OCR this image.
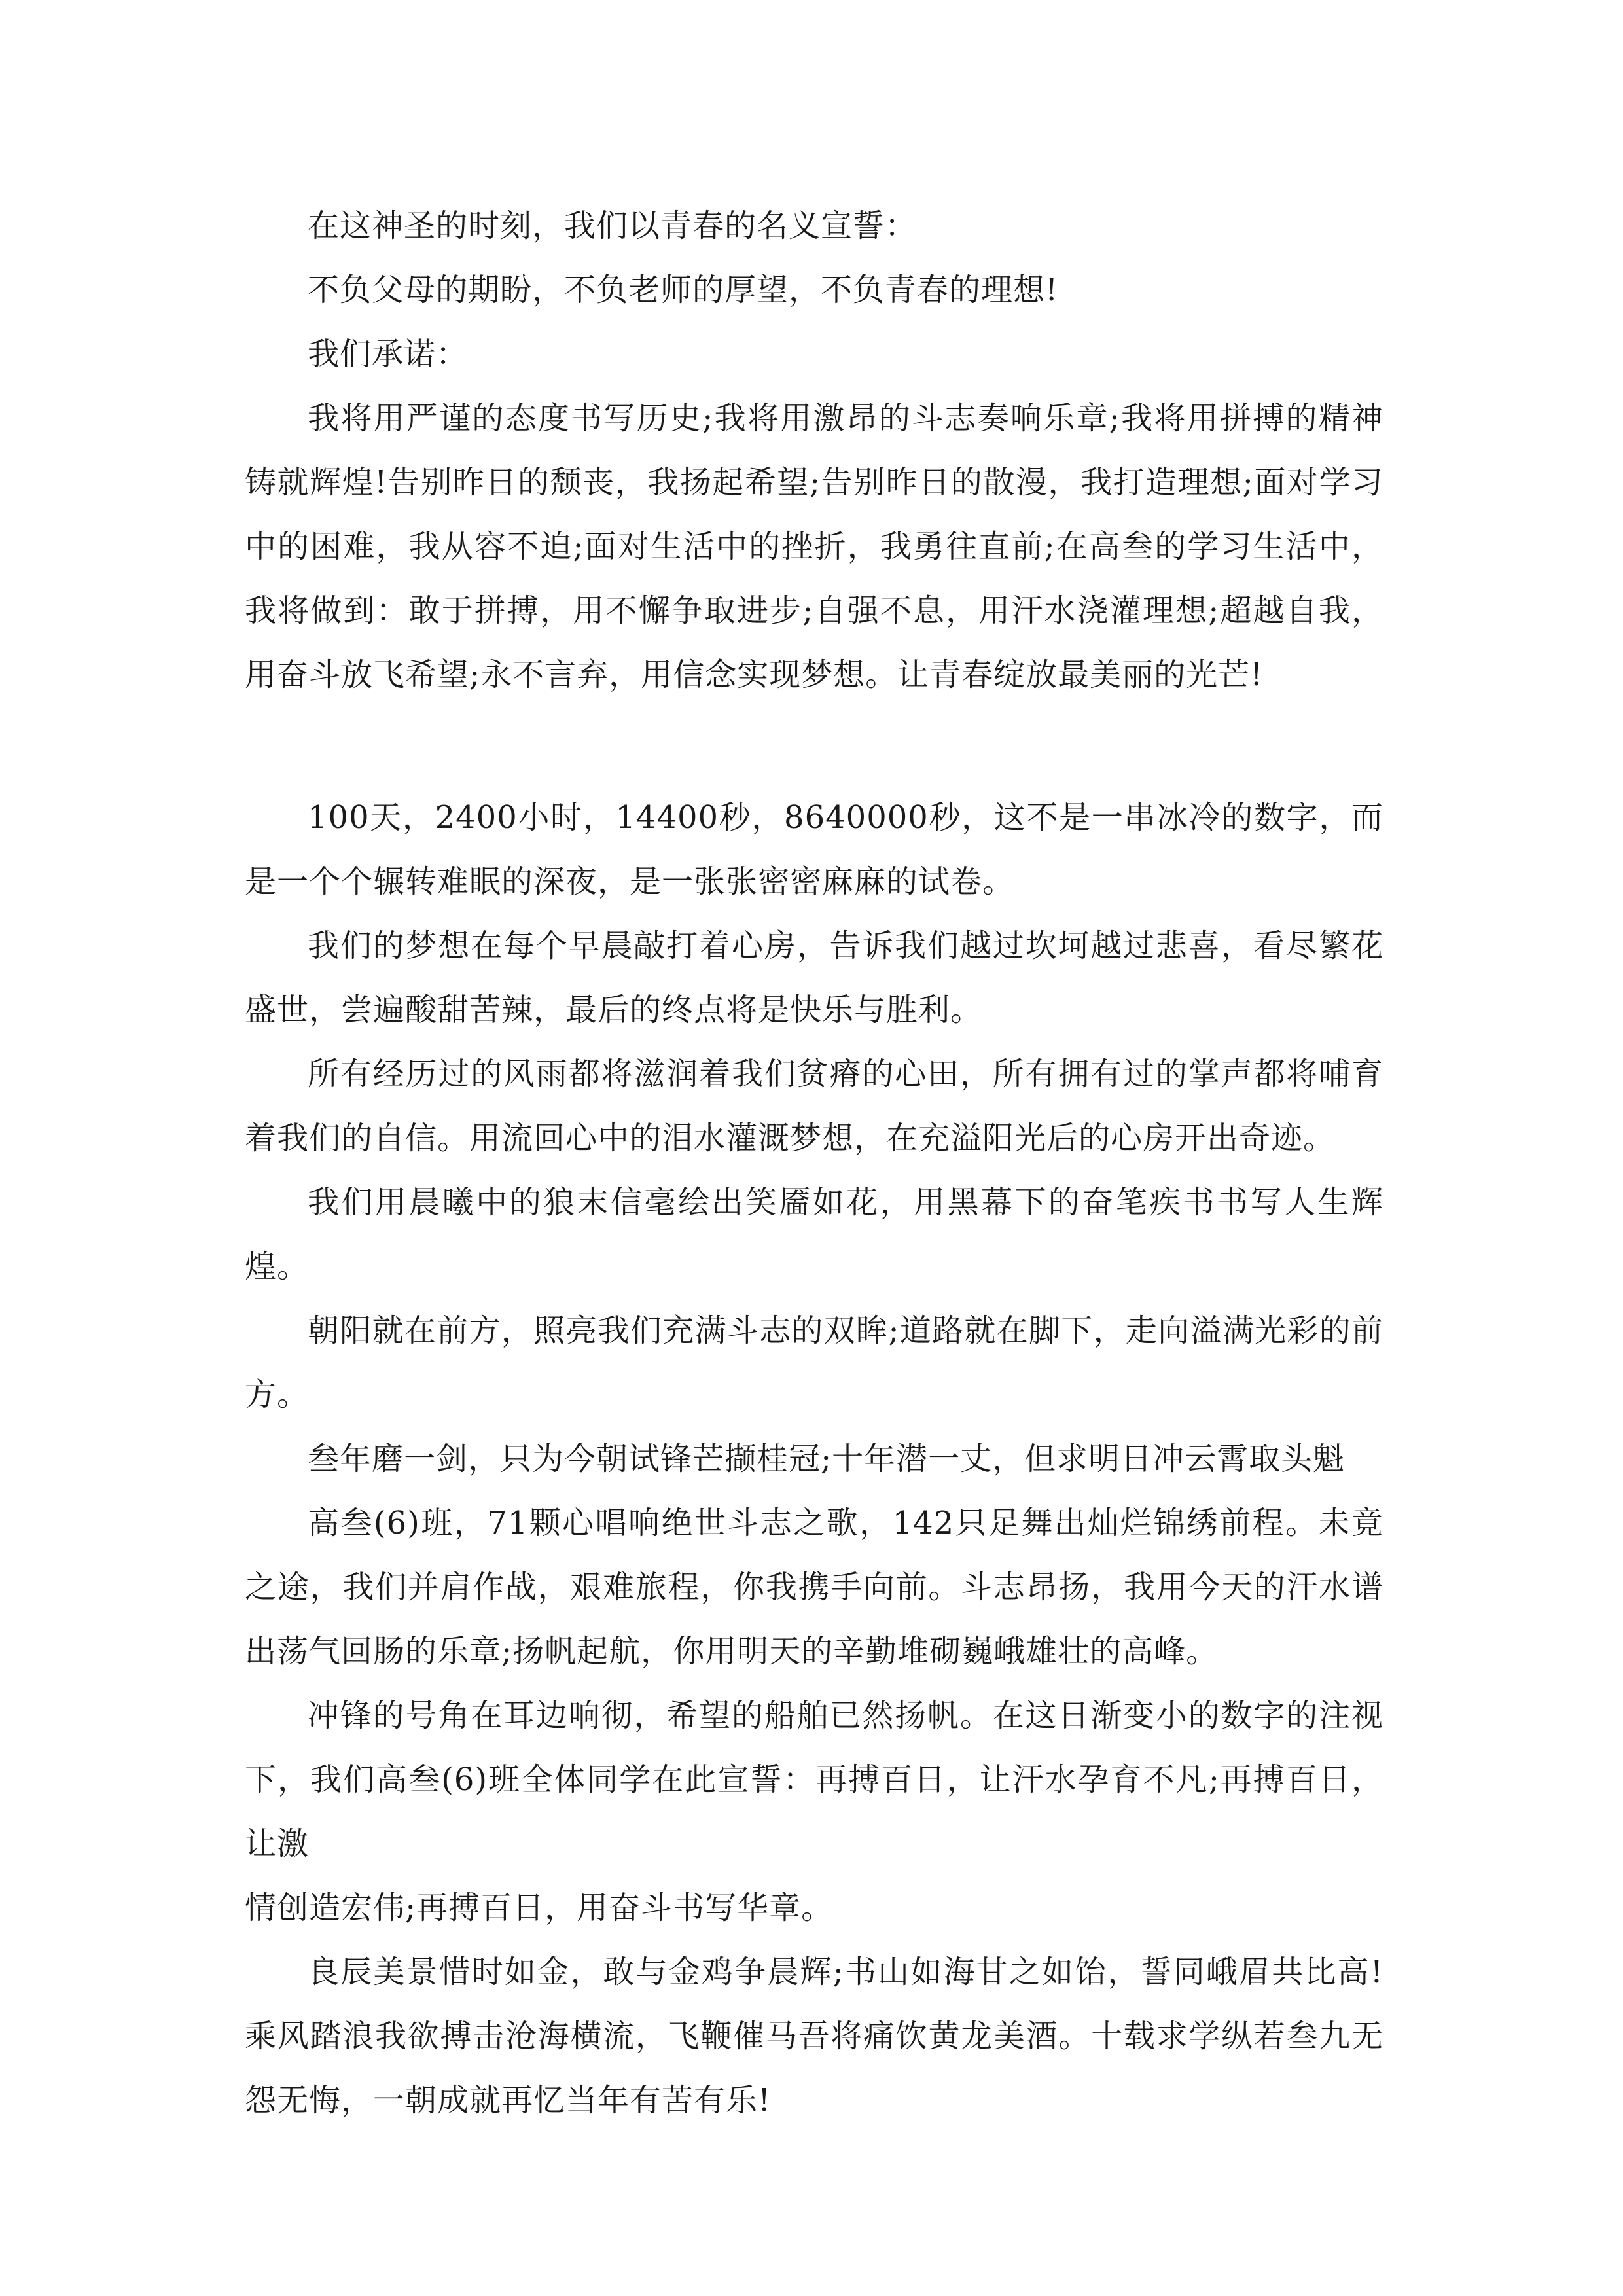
在这神圣的时刻，我们以青春的名义宣誓：

不负父母的期盼，不负老师的厚望，不负青春的理想!

我们承诺：

我将用严谨的态度书写历史;我将用激昂的斗志奏响乐章;我将用拼搏的精神铸就辉煌!告别昨日的颓丧，我扬起希望;告别昨日的散漫，我打造理想;面对学习中的困难，我从容不迫;面对生活中的挫折，我勇往直前;在高叁的学习生活中，我将做到：敢于拼搏，用不懈争取进步;自强不息，用汗水浇灌理想;超越自我，用奋斗放飞希望;永不言弃，用信念实现梦想。让青春绽放最美丽的光芒!

100天，2400小时，14400秒，8640000秒，这不是一串冰冷的数字，而是一个个辗转难眠的深夜，是一张张密密麻麻的试卷。

我们的梦想在每个早晨敲打着心房，告诉我们越过坎坷越过悲喜，看尽繁花盛世，尝遍酸甜苦辣，最后的终点将是快乐与胜利。

所有经历过的风雨都将滋润着我们贫瘠的心田，所有拥有过的掌声都将哺育着我们的自信。用流回心中的泪水灌溉梦想，在充溢阳光后的心房开出奇迹。

我们用晨曦中的狼末信毫绘出笑靥如花，用黑幕下的奋笔疾书书写人生辉煌。

朝阳就在前方，照亮我们充满斗志的双眸;道路就在脚下，走向溢满光彩的前方。

叁年磨一剑，只为今朝试锋芒撷桂冠;十年潜一丈，但求明日冲云霄取头魁

高叁(6)班，71颗心唱响绝世斗志之歌，142只足舞出灿烂锦绣前程。未竟之途，我们并肩作战，艰难旅程，你我携手向前。斗志昂扬，我用今天的汗水谱出荡气回肠的乐章;扬帆起航，你用明天的辛勤堆砌巍峨雄壮的高峰。

冲锋的号角在耳边响彻，希望的船舶已然扬帆。在这日渐变小的数字的注视下，我们高叁(6)班全体同学在此宣誓：再搏百日，让汗水孕育不凡;再搏百日，让激

情创造宏伟;再搏百日，用奋斗书写华章。

良辰美景惜时如金，敢与金鸡争晨辉;书山如海甘之如饴，誓同峨眉共比高!乘风踏浪我欲搏击沧海横流，飞鞭催马吾将痛饮黄龙美酒。十载求学纵若叁九无怨无悔，一朝成就再忆当年有苦有乐!
